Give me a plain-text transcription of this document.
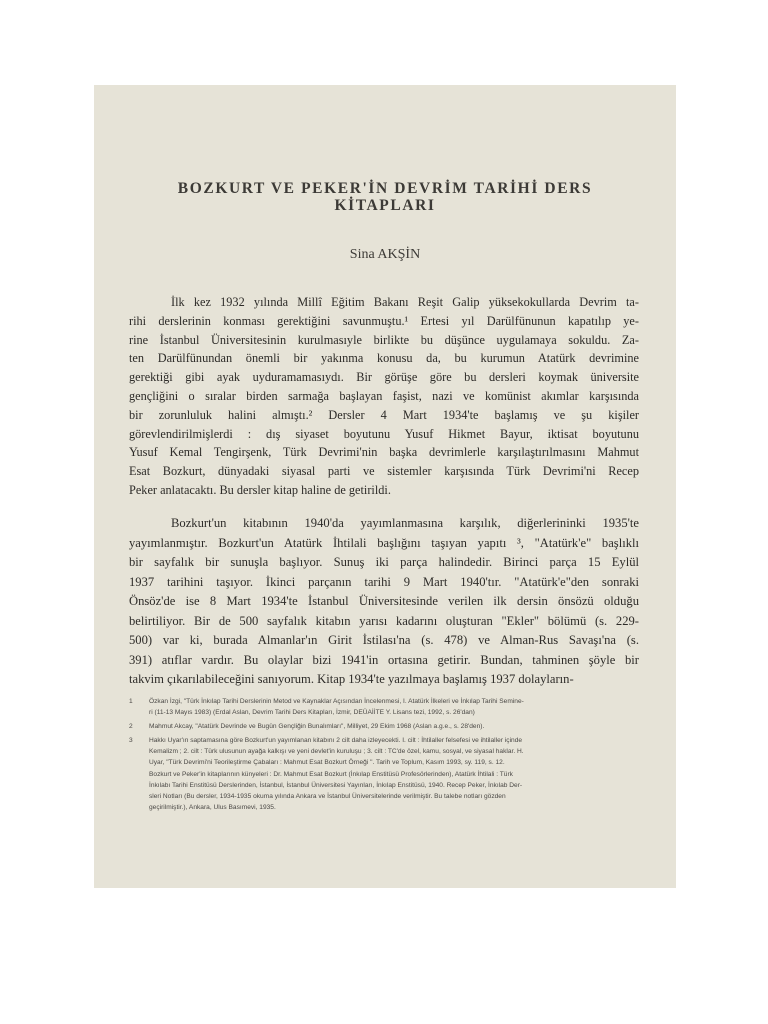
BOZKURT VE PEKER'İN DEVRİM TARİHİ DERS
KİTAPLARI
Sina AKŞİN
İlk kez 1932 yılında Millî Eğitim Bakanı Reşit Galip yüksekokullarda Devrim ta-
rihi derslerinin konması gerektiğini savunmuştu.¹ Ertesi yıl Darülfünunun kapatılıp ye-
rine İstanbul Üniversitesinin kurulmasıyle birlikte bu düşünce uygulamaya sokuldu. Za-
ten Darülfünundan önemli bir yakınma konusu da, bu kurumun Atatürk devrimine
gerektiği gibi ayak uyduramamasıydı. Bir görüşe göre bu dersleri koymak üniversite
gençliğini o sıralar birden sarmağa başlayan faşist, nazi ve komünist akımlar karşısında
bir zorunluluk halini almıştı.² Dersler 4 Mart 1934'te başlamış ve şu kişiler
görevlendirilmişlerdi : dış siyaset boyutunu Yusuf Hikmet Bayur, iktisat boyutunu
Yusuf Kemal Tengirşenk, Türk Devrimi'nin başka devrimlerle karşılaştırılmasını Mahmut
Esat Bozkurt, dünyadaki siyasal parti ve sistemler karşısında Türk Devrimi'ni Recep
Peker anlatacaktı. Bu dersler kitap haline de getirildi.
Bozkurt'un kitabının 1940'da yayımlanmasına karşılık, diğerlerininki 1935'te
yayımlanmıştır. Bozkurt'un Atatürk İhtilali başlığını taşıyan yapıtı ³, "Atatürk'e" başlıklı
bir sayfalık bir sunuşla başlıyor. Sunuş iki parça halindedir. Birinci parça 15 Eylül
1937 tarihini taşıyor. İkinci parçanın tarihi 9 Mart 1940'tır. "Atatürk'e"den sonraki
Önsöz'de ise 8 Mart 1934'te İstanbul Üniversitesinde verilen ilk dersin önsözü olduğu
belirtiliyor. Bir de 500 sayfalık kitabın yarısı kadarını oluşturan "Ekler" bölümü (s. 229-
500) var ki, burada Almanlar'ın Girit İstilası'na (s. 478) ve Alman-Rus Savaşı'na (s.
391) atıflar vardır. Bu olaylar bizi 1941'in ortasına getirir. Bundan, tahminen şöyle bir
takvim çıkarılabileceğini sanıyorum. Kitap 1934'te yazılmaya başlamış 1937 dolayların-
1 Özkan İzgi, "Türk İnkılap Tarihi Derslerinin Metod ve Kaynaklar Açısından İncelenmesi, I. Atatürk İlkeleri ve İnkılap Tarihi Semine-
ri (11-13 Mayıs 1983) (Erdal Aslan, Devrim Tarihi Ders Kitapları, İzmir, DEÜAİİTE Y. Lisans tezi, 1992, s. 26'dan)
2 Mahmut Akcay, "Atatürk Devrinde ve Bugün Gençliğin Bunalımları", Milliyet, 29 Ekim 1968 (Aslan a.g.e., s. 28'den).
3 Hakkı Uyar'ın saptamasına göre Bozkurt'un yayımlanan kitabını 2 cilt daha izleyecekti. I. cilt : İhtilaller felsefesi ve ihtilaller içinde
Kemalizm ; 2. cilt : Türk ulusunun ayağa kalkışı ve yeni devlet'in kuruluşu ; 3. cilt : TC'de özel, kamu, sosyal, ve siyasal haklar. H.
Uyar, "Türk Devrimi'ni Teorileştirme Çabaları : Mahmut Esat Bozkurt Örneği ". Tarih ve Toplum, Kasım 1993, sy. 119, s. 12.
Bozkurt ve Peker'in kitaplarının künyeleri : Dr. Mahmut Esat Bozkurt (İnkılap Enstitüsü Profesörlerinden), Atatürk İhtilali : Türk
İnkılabı Tarihi Enstitüsü Derslerinden, İstanbul, İstanbul Üniversitesi Yayınları, İnkılap Enstitüsü, 1940. Recep Peker, İnkılab Der-
sleri Notları (Bu dersler, 1934-1935 okuma yılında Ankara ve İstanbul Üniversitelerinde verilmiştir. Bu talebe notları gözden
geçirilmiştir.), Ankara, Ulus Basımevi, 1935.
